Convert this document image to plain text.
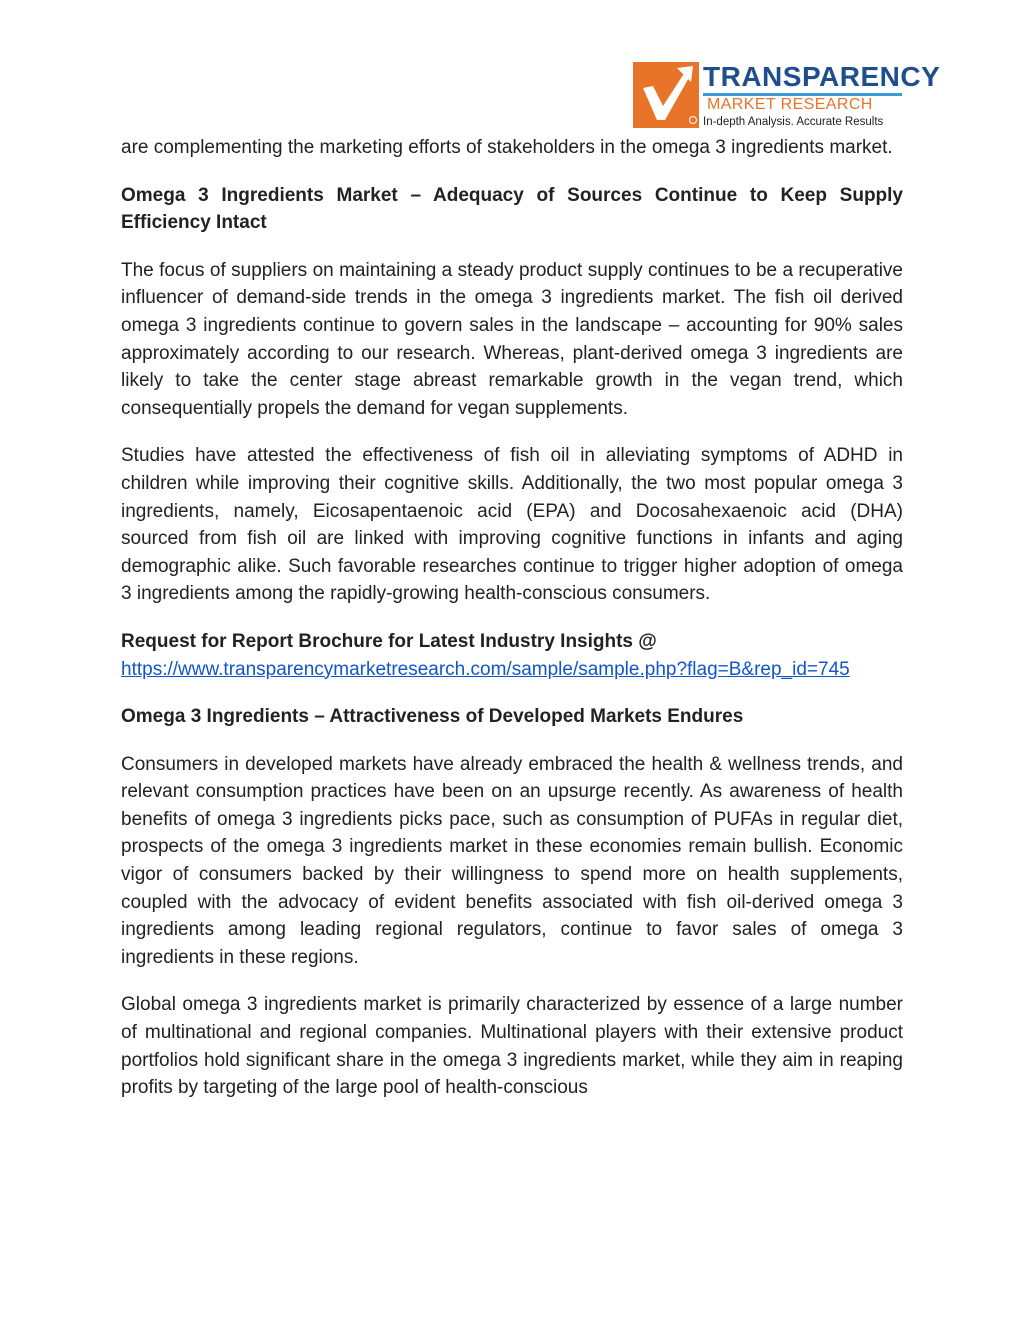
TRANSPARENCY
MARKET RESEARCH
In-depth Analysis. Accurate Results

are complementing the marketing efforts of stakeholders in the omega 3 ingredients market.

Omega 3 Ingredients Market – Adequacy of Sources Continue to Keep Supply Efficiency Intact

The focus of suppliers on maintaining a steady product supply continues to be a recuperative influencer of demand-side trends in the omega 3 ingredients market. The fish oil derived omega 3 ingredients continue to govern sales in the landscape – accounting for 90% sales approximately according to our research. Whereas, plant-derived omega 3 ingredients are likely to take the center stage abreast remarkable growth in the vegan trend, which consequentially propels the demand for vegan supplements.

Studies have attested the effectiveness of fish oil in alleviating symptoms of ADHD in children while improving their cognitive skills. Additionally, the two most popular omega 3 ingredients, namely, Eicosapentaenoic acid (EPA) and Docosahexaenoic acid (DHA) sourced from fish oil are linked with improving cognitive functions in infants and aging demographic alike. Such favorable researches continue to trigger higher adoption of omega 3 ingredients among the rapidly-growing health-conscious consumers.

Request for Report Brochure for Latest Industry Insights @

https://www.transparencymarketresearch.com/sample/sample.php?flag=B&rep_id=745

Omega 3 Ingredients – Attractiveness of Developed Markets Endures

Consumers in developed markets have already embraced the health & wellness trends, and relevant consumption practices have been on an upsurge recently. As awareness of health benefits of omega 3 ingredients picks pace, such as consumption of PUFAs in regular diet, prospects of the omega 3 ingredients market in these economies remain bullish. Economic vigor of consumers backed by their willingness to spend more on health supplements, coupled with the advocacy of evident benefits associated with fish oil-derived omega 3 ingredients among leading regional regulators, continue to favor sales of omega 3 ingredients in these regions.

Global omega 3 ingredients market is primarily characterized by essence of a large number of multinational and regional companies. Multinational players with their extensive product portfolios hold significant share in the omega 3 ingredients market, while they aim in reaping profits by targeting of the large pool of health-conscious
